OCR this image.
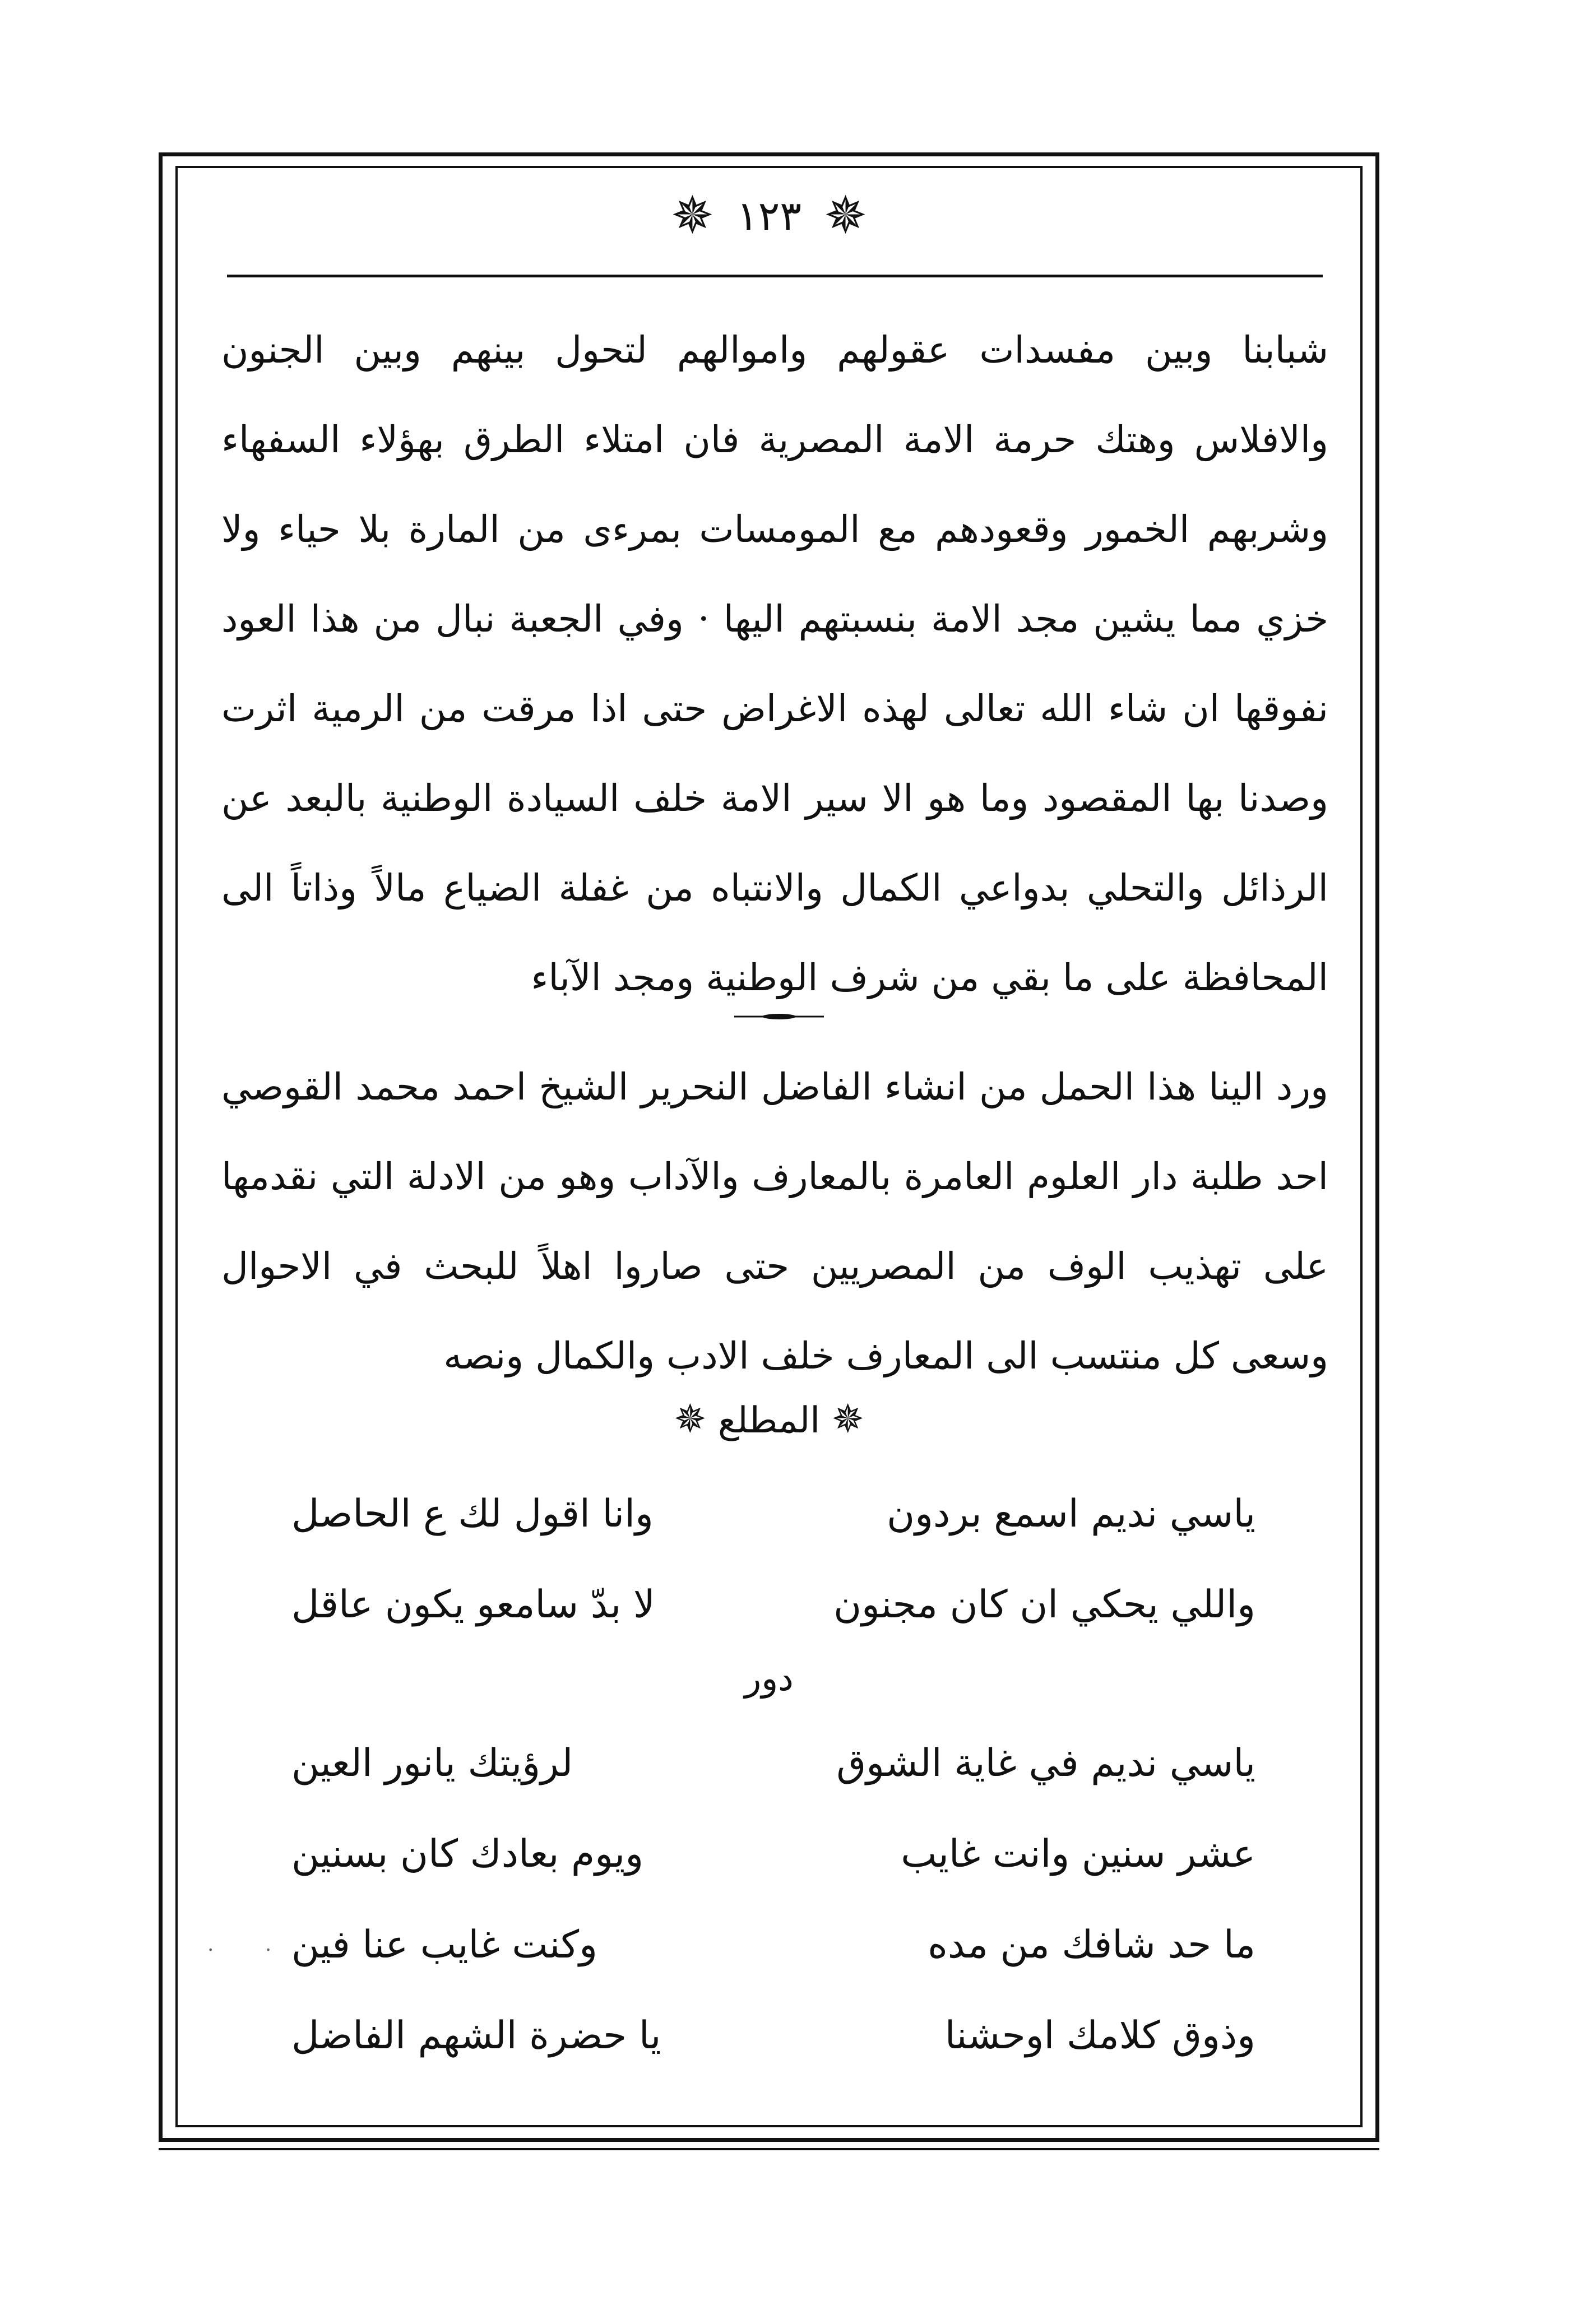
✵
١٢٣
✵

شبابنا وبين مفسدات عقولهم واموالهم لتحول بينهم وبين الجنون والافلاس وهتك حرمة الامة المصرية فان امتلاء الطرق بهؤلاء السفهاء وشربهم الخمور وقعودهم مع المومسات بمرءى من المارة بلا حياء ولا خزي مما يشين مجد الامة بنسبتهم اليها · وفي الجعبة نبال من هذا العود نفوقها ان شاء الله تعالى لهذه الاغراض حتى اذا مرقت من الرمية اثرت وصدنا بها المقصود وما هو الا سير الامة خلف السيادة الوطنية بالبعد عن الرذائل والتحلي بدواعي الكمال والانتباه من غفلة الضياع مالاً وذاتاً الى المحافظة على ما بقي من شرف الوطنية ومجد الآباء

ورد الينا هذا الحمل من انشاء الفاضل النحرير الشيخ احمد محمد القوصي احد طلبة دار العلوم العامرة بالمعارف والآداب وهو من الادلة التي نقدمها على تهذيب الوف من المصريين حتى صاروا اهلاً للبحث في الاحوال وسعى كل منتسب الى المعارف خلف الادب والكمال ونصه

✵ المطلع ✵
ياسي نديم اسمع بردون
وانا اقول لك ع الحاصل
واللي يحكي ان كان مجنون
لا بدّ سامعو يكون عاقل
دور
ياسي نديم في غاية الشوق
لرؤيتك يانور العين
عشر سنين وانت غايب
ويوم بعادك كان بسنين
ما حد شافك من مده
وكنت غايب عنا فين
وذوق كلامك اوحشنا
يا حضرة الشهم الفاضل
· ·
